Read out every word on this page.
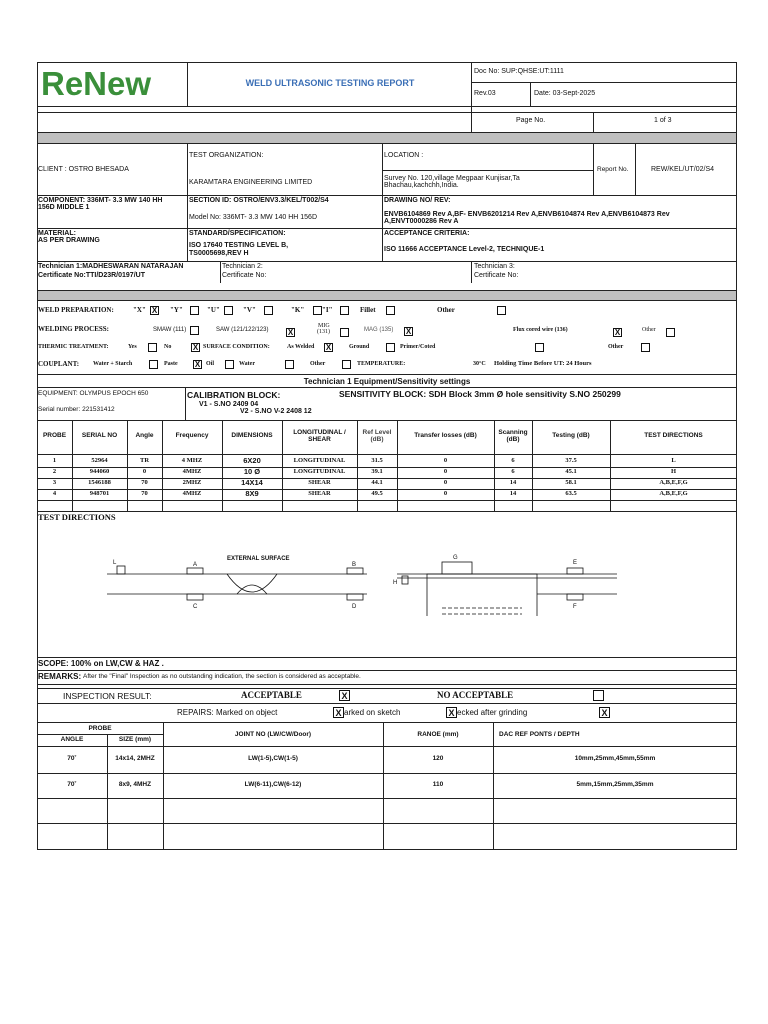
ReNew	WELD ULTRASONIC TESTING REPORT
Doc No: SUP:QHSE:UT:1111
Rev.03	Date: 03-Sept-2025
Page No.	1 of 3
CLIENT : OSTRO BHESADA
TEST ORGANIZATION:
KARAMTARA ENGINEERING LIMITED
LOCATION :
Survey No. 120,village Megpaar Kunjisar,Ta
Bhachau,kachchh,India.
Report No.	REW/KEL/UT/02/S4
COMPONENT: 336MT- 3.3 MW 140 HH
156D MIDDLE 1
SECTION ID: OSTRO/ENV3.3/KEL/T002/S4
Model No: 336MT- 3.3 MW 140 HH 156D
DRAWING NO/ REV:
ENVB6104869 Rev A,BF- ENVB6201214 Rev A,ENVB6104874 Rev A,ENVB6104873 Rev
A,ENVT0000286 Rev A
MATERIAL:
AS PER DRAWING
STANDARD/SPECIFICATION:
ISO 17640 TESTING LEVEL B,
TS0005698,REV H
ACCEPTANCE CRITERIA:
ISO 11666 ACCEPTANCE Level-2, TECHNIQUE-1
Technician 1:MADHESWARAN NATARAJAN
Certificate No:TTI/D23R/0197/UT
Technician 2:
Certificate No:
Technician 3:
Certificate No:
WELD PREPARATION:	"X" X "Y"	"U"	"V"	"K"	"I"	Fillet	Other
WELDING PROCESS:	SMAW (111)	SAW (121/122/123) X
MIG
(131)	MAG (135) X	Flux cored wire (136)	X	Other
THERMIC TREATMENT:	Yes	No	X SURFACE CONDITION:	As Welded X	Ground	Primer/Coted	Other
COUPLANT: Water + Starch	Paste X Oil	Water	Other	TEMPERATURE:	30°C Holding Time Before UT: 24 Hours
Technician 1 Equipment/Sensitivity settings
EQUIPMENT: OLYMPUS EPOCH 650
Serial number: 221531412
CALIBRATION BLOCK:
V1 - S.NO 2409 04
V2 - S.NO V-2 2408 12
SENSITIVITY BLOCK: SDH Block 3mm Ø hole sensitivity S.NO 250299
PROBE	SERIAL NO	Angle	Frequency	DIMENSIONS	LONGITUDINAL /
SHEAR
Ref Level
(dB)
Transfer losses (dB)	Scanning
(dB)
Testing (dB)	TEST DIRECTIONS
1	52964	TR	4 MHZ	6X20	LONGITUDINAL	31.5	0	6	37.5	L
2	944060	0	4MHZ	10 Ø	LONGITUDINAL	39.1	0	6	45.1	H
3	1546188	70	2MHZ	14X14	SHEAR	44.1	0	14	58.1	A,B,E,F,G
4	948701	70	4MHZ	8X9	SHEAR	49.5	0	14	63.5	A,B,E,F,G
TEST DIRECTIONS
EXTERNAL SURFACE
L	A
C
B
D
H
G
E
F
SCOPE: 100% on LW,CW & HAZ .
REMARKS: After the "Final" Inspection as no outstanding indication, the section is considered as acceptable.
INSPECTION RESULT:	ACCEPTABLE	X	NO ACCEPTABLE
REPAIRS: Marked on object	X arked on sketch	X ecked after grinding	X
PROBE
ANGLE	SIZE (mm)
JOINT NO (LW/CW/Door)	RANOE (mm)	DAC REF PONTS / DEPTH
70˚	14x14, 2MHZ	LW(1-5),CW(1-5)	120	10mm,25mm,45mm,55mm
70˚	8x9, 4MHZ	LW(6-11),CW(6-12)	110	5mm,15mm,25mm,35mm
